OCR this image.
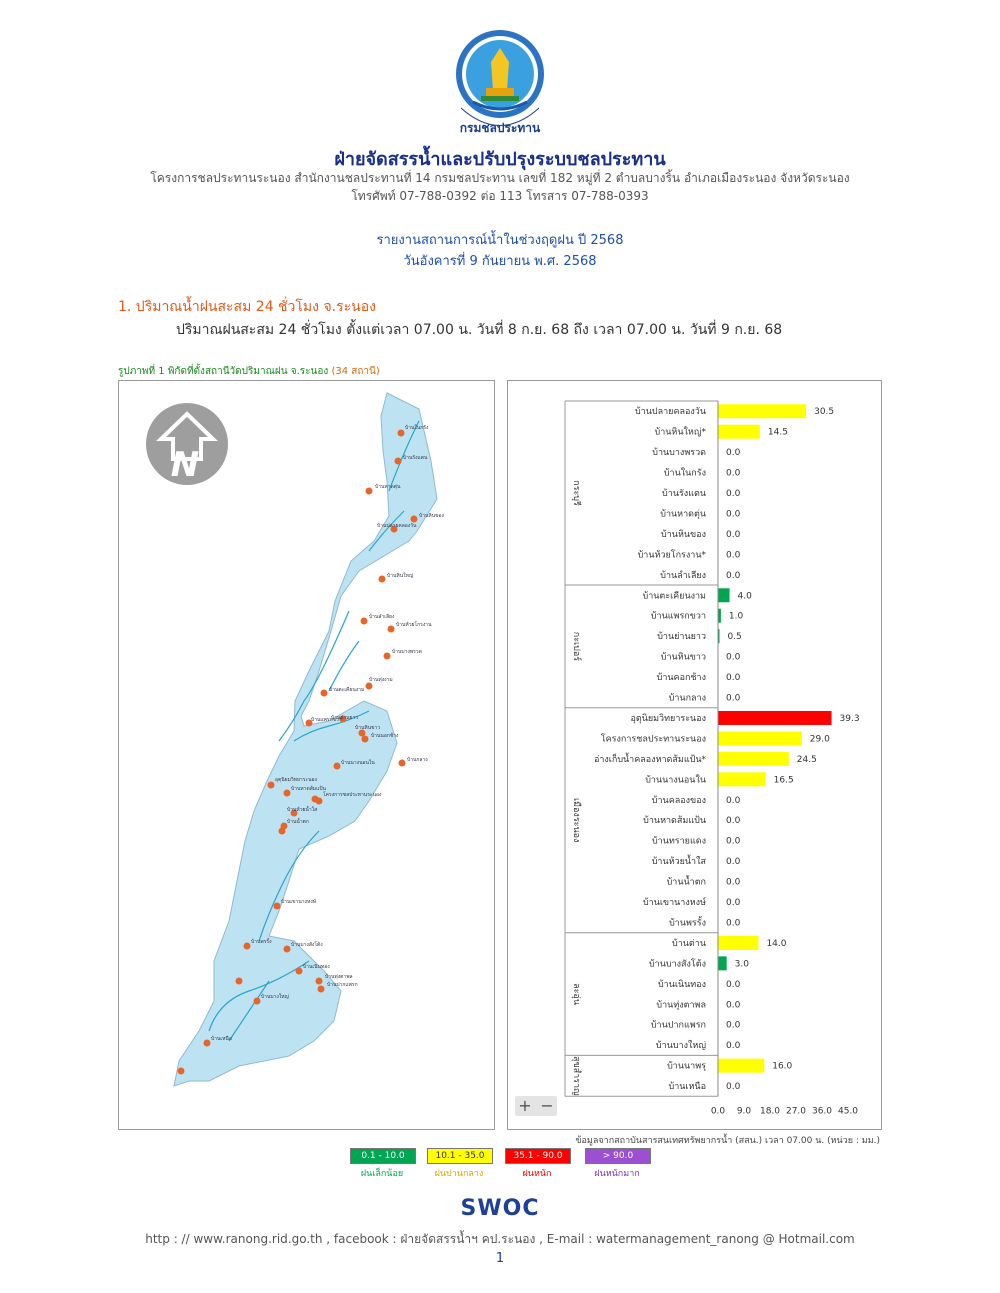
กรมชลประทาน
ฝ่ายจัดสรรน้ำและปรับปรุงระบบชลประทาน
โครงการชลประทานระนอง สำนักงานชลประทานที่ 14 กรมชลประทาน เลขที่ 182 หมู่ที่ 2 ตำบลบางริ้น อำเภอเมืองระนอง จังหวัดระนอง
โทรศัพท์ 07-788-0392 ต่อ 113 โทรสาร 07-788-0393
รายงานสถานการณ์น้ำในช่วงฤดูฝน ปี 2568
วันอังคารที่ 9 กันยายน พ.ศ. 2568
1. ปริมาณน้ำฝนสะสม 24 ชั่วโมง จ.ระนอง
ปริมาณฝนสะสม 24 ชั่วโมง ตั้งแต่เวลา 07.00 น. วันที่ 8 ก.ย. 68 ถึง เวลา 07.00 น. วันที่ 9 ก.ย. 68
รูปภาพที่ 1 พิกัดที่ตั้งสถานีวัดปริมาณฝน จ.ระนอง (34 สถานี)
N
บ้านในกรัง
บ้านรังแตน
บ้านหาดตุ่น
บ้านหินของ
บ้านปลายคลองวัน
บ้านหินใหญ่
บ้านลำเลียง
บ้านห้วยโกรงาน
บ้านบางพรวด
บ้านทุ่งงาม
บ้านตะเคียนงาม
บ้านย่านยาว
บ้านแพรกขวา
บ้านหินขาว
บ้านนอกช้าง
บ้านกลาง
บ้านนางนอนใน
อุตุนิยมวิทยาระนอง
บ้านหาดส้มแป้น
โครงการชลประทานระนอง
บ้านห้วยน้ำใส
บ้านน้ำตก
บ้านเขานางหงษ์
บ้านพรรั้ง	บ้านบางสังโต้ง
บ้านเนินทอง
บ้านทุ่งตาพล
บ้านปากแพรก
บ้านบางใหญ่
บ้านเหนือ
บ้านปลายคลองวัน	30.5
บ้านหินใหญ่*	14.5
บ้านบางพรวด 0.0
บ้านในกรัง 0.0
บ้านรังแตน 0.0
บ้านหาดตุ่น 0.0
บ้านหินของ 0.0
บ้านห้วยโกรงาน* 0.0
บ้านลำเลียง 0.0
กระบุรี
บ้านตะเคียนงาม	4.0
บ้านแพรกขวา	1.0
บ้านย่านยาว 0.5
บ้านหินขาว 0.0
บ้านคอกช้าง 0.0
บ้านกลาง 0.0
กะเปอร์
อุตุนิยมวิทยาระนอง	39.3
โครงการชลประทานระนอง	29.0
อ่างเก็บน้ำคลองหาดส้มแป้น*	24.5
บ้านนางนอนใน	16.5
บ้านคลองของ 0.0
บ้านหาดส้มแป้น 0.0
บ้านทรายแดง 0.0
บ้านห้วยน้ำใส 0.0
บ้านน้ำตก 0.0
บ้านเขานางหงษ์ 0.0
บ้านพรรั้ง 0.0
เมืองระนอง
บ้านต่าน	14.0
บ้านบางสังโต้ง	3.0
บ้านเนินทอง 0.0
บ้านทุ่งตาพล 0.0
บ้านปากแพรก 0.0
บ้านบางใหญ่ 0.0
ละอุ่น
บ้านนาพรุ	16.0
บ้านเหนือ 0.0
สุขสำราญ
0.0 9.0 18.0 27.0 36.0 45.0
+ −
ข้อมูลจากสถาบันสารสนเทศทรัพยากรน้ำ (สสน.) เวลา 07.00 น. (หน่วย : มม.)
0.1 - 10.0
ฝนเล็กน้อย
10.1 - 35.0
ฝนปานกลาง
35.1 - 90.0
ฝนหนัก
> 90.0
ฝนหนักมาก
SWOC
http : // www.ranong.rid.go.th , facebook : ฝ่ายจัดสรรน้ำฯ คป.ระนอง , E-mail : watermanagement_ranong @ Hotmail.com
1
